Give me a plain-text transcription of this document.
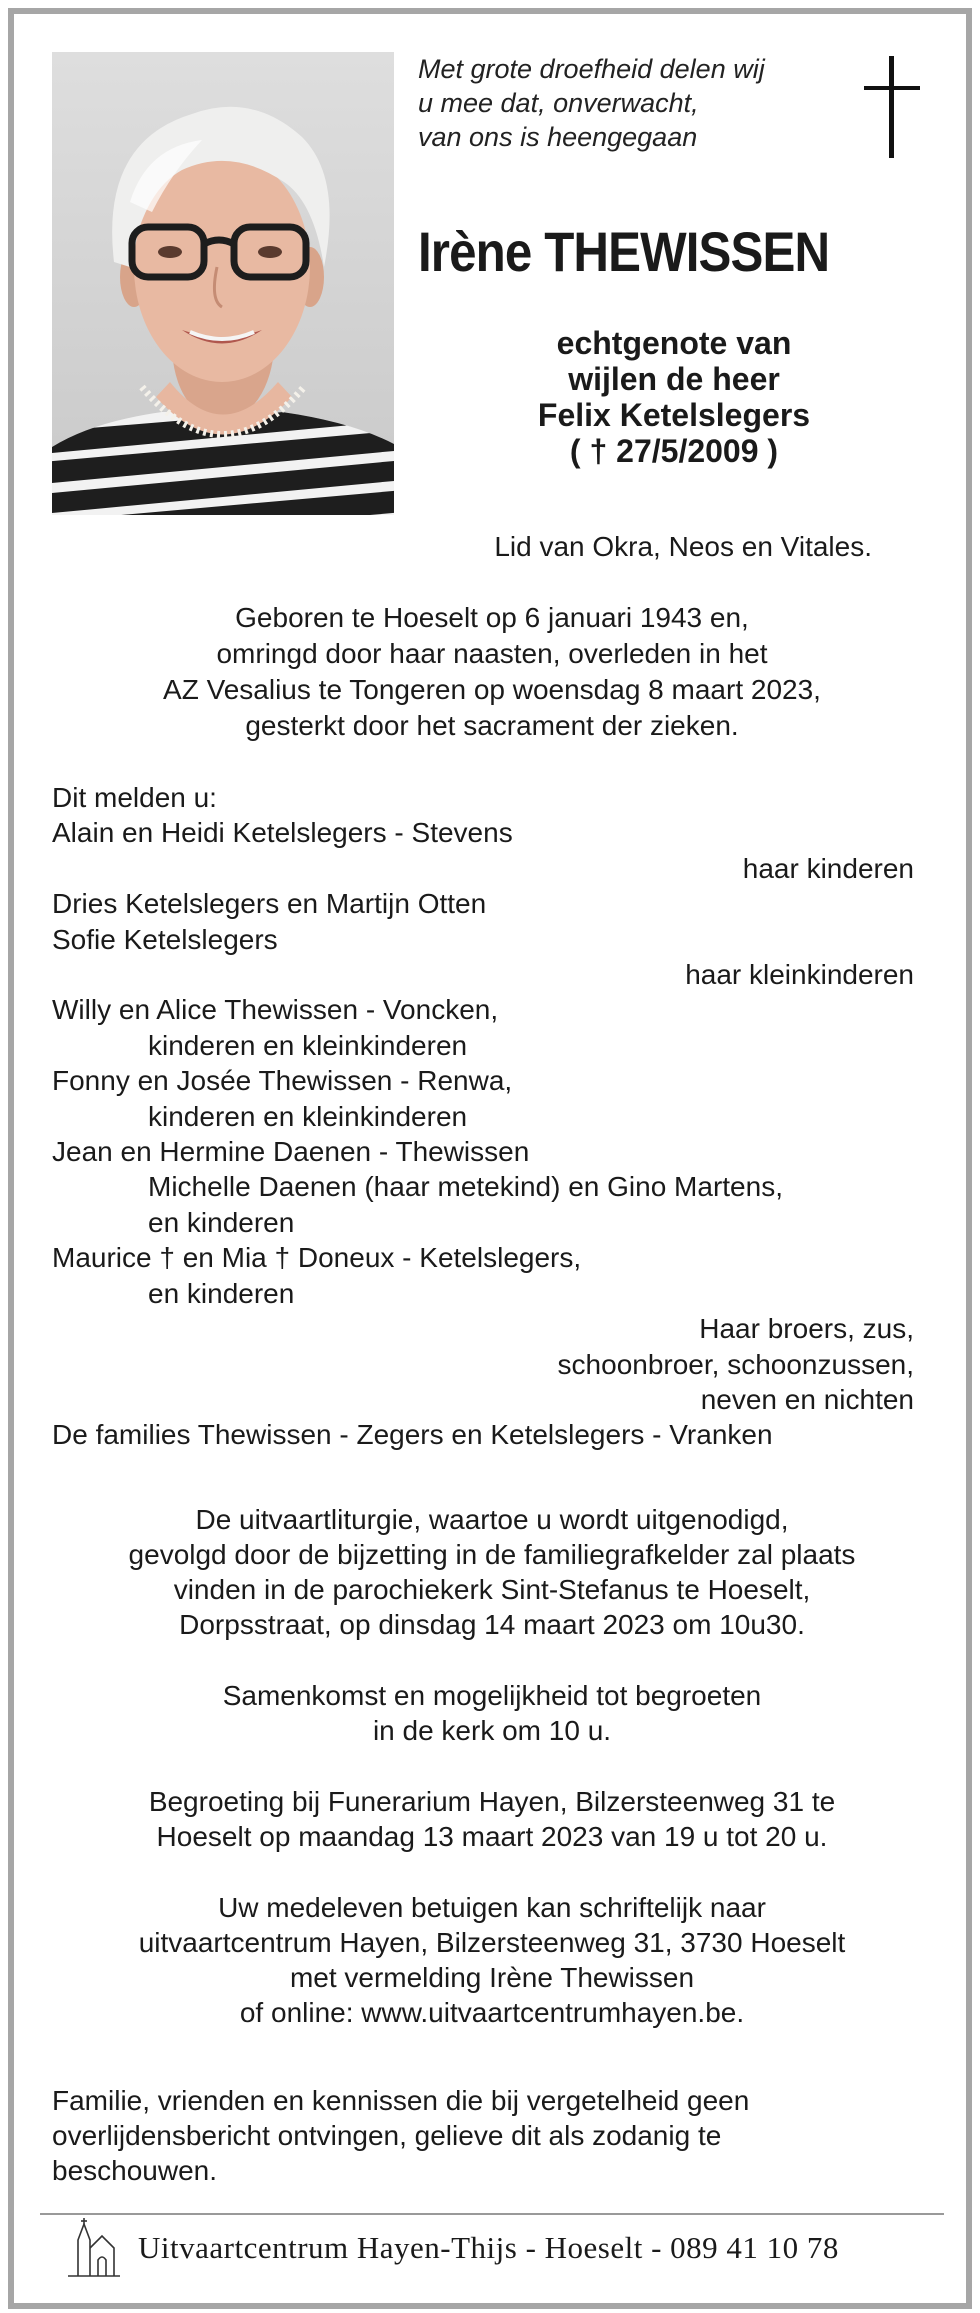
Met grote droefheid delen wij
u mee dat, onverwacht,
van ons is heengegaan
Irène THEWISSEN
echtgenote van
wijlen de heer
Felix Ketelslegers
( † 27/5/2009 )
Lid van Okra, Neos en Vitales.
Geboren te Hoeselt op 6 januari 1943 en,
omringd door haar naasten, overleden in het
AZ Vesalius te Tongeren op woensdag 8 maart 2023,
gesterkt door het sacrament der zieken.
Dit melden u:
Alain en Heidi Ketelslegers - Stevens
haar kinderen
Dries Ketelslegers en Martijn Otten
Sofie Ketelslegers
haar kleinkinderen
Willy en Alice Thewissen - Voncken,
kinderen en kleinkinderen
Fonny en Josée Thewissen - Renwa,
kinderen en kleinkinderen
Jean en Hermine Daenen - Thewissen
Michelle Daenen (haar metekind) en Gino Martens,
en kinderen
Maurice † en Mia † Doneux - Ketelslegers,
en kinderen
Haar broers, zus,
schoonbroer, schoonzussen,
neven en nichten
De families Thewissen - Zegers en Ketelslegers - Vranken

De uitvaartliturgie, waartoe u wordt uitgenodigd,
gevolgd door de bijzetting in de familiegrafkelder zal plaats
vinden in de parochiekerk Sint-Stefanus te Hoeselt,
Dorpsstraat, op dinsdag 14 maart 2023 om 10u30.

Samenkomst en mogelijkheid tot begroeten
in de kerk om 10 u.

Begroeting bij Funerarium Hayen, Bilzersteenweg 31 te
Hoeselt op maandag 13 maart 2023 van 19 u tot 20 u.

Uw medeleven betuigen kan schriftelijk naar
uitvaartcentrum Hayen, Bilzersteenweg 31, 3730 Hoeselt
met vermelding Irène Thewissen
of online: www.uitvaartcentrumhayen.be.

Familie, vrienden en kennissen die bij vergetelheid geen
overlijdensbericht ontvingen, gelieve dit als zodanig te
beschouwen.
Uitvaartcentrum Hayen-Thijs - Hoeselt - 089 41 10 78
